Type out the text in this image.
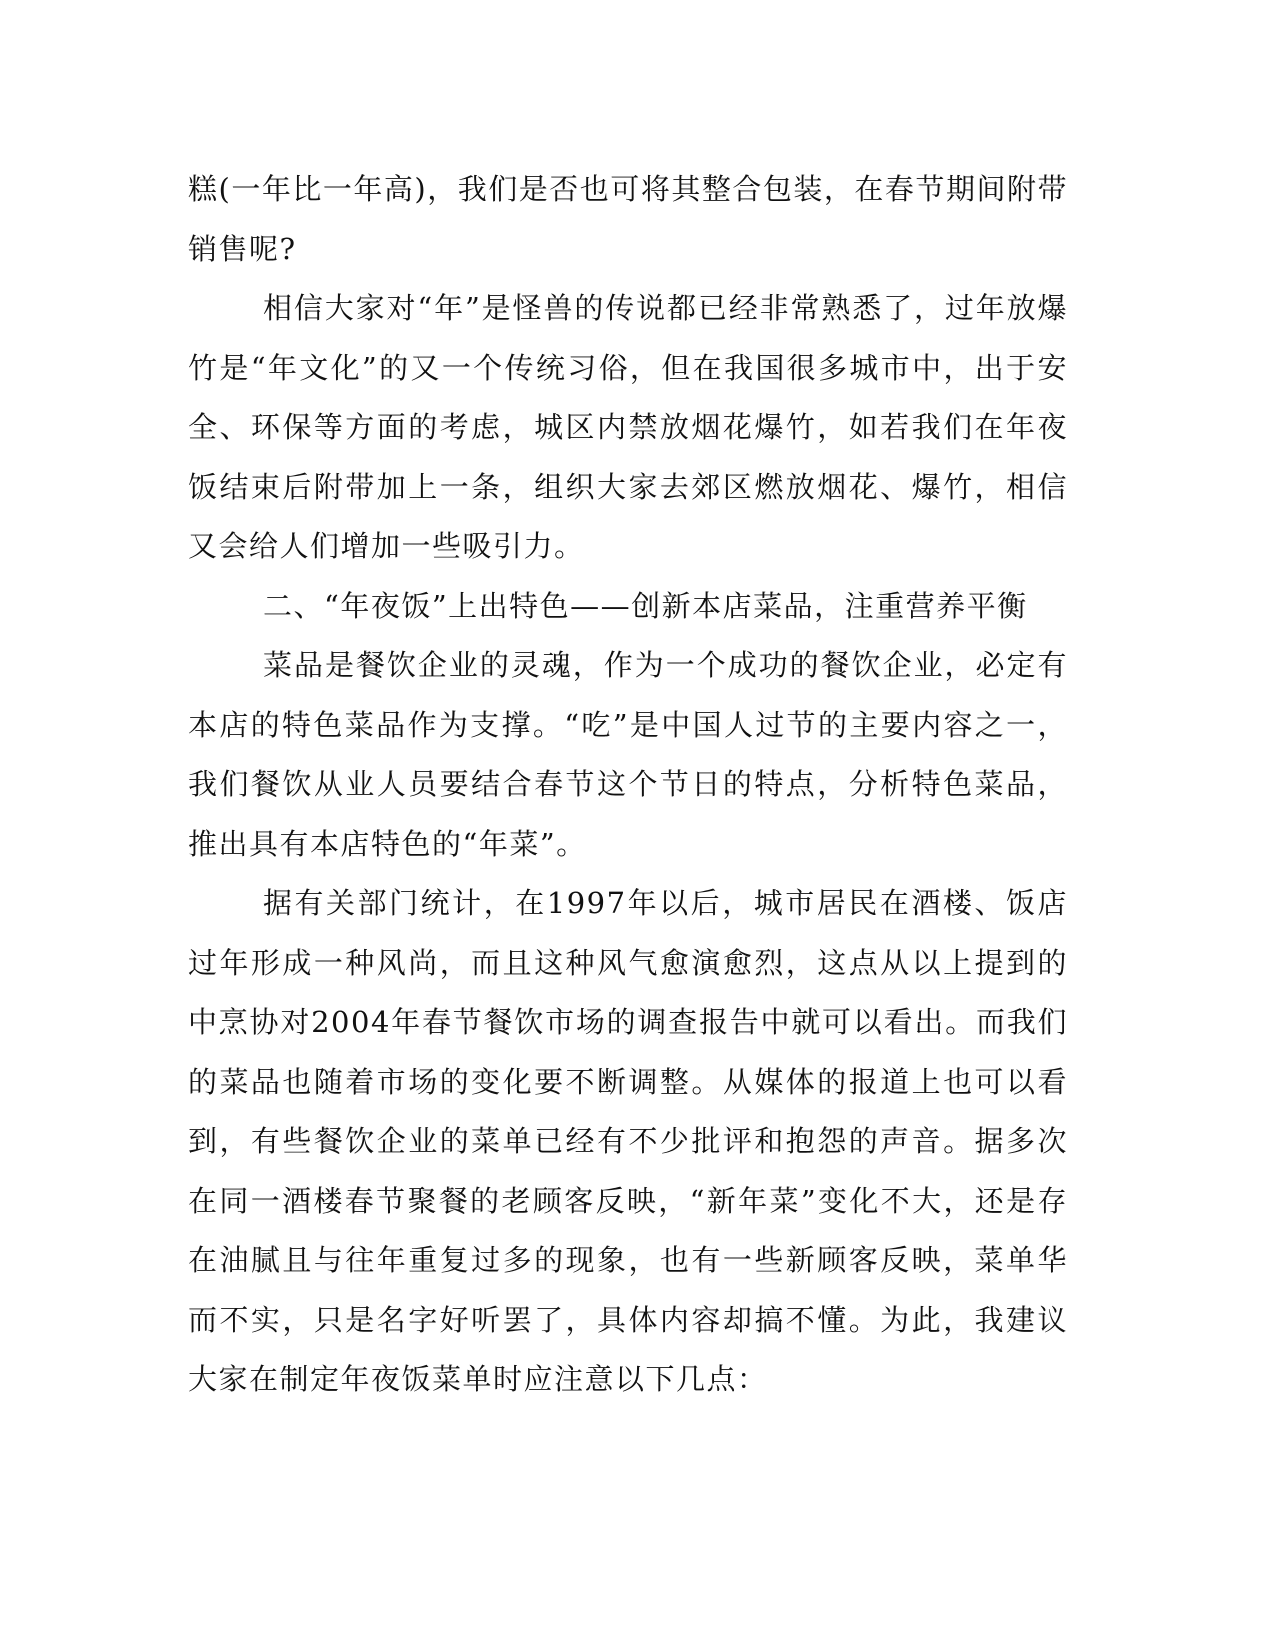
糕(一年比一年高)，我们是否也可将其整合包装，在春节期间附带销售呢?

相信大家对“年”是怪兽的传说都已经非常熟悉了，过年放爆竹是“年文化”的又一个传统习俗，但在我国很多城市中，出于安全、环保等方面的考虑，城区内禁放烟花爆竹，如若我们在年夜饭结束后附带加上一条，组织大家去郊区燃放烟花、爆竹，相信又会给人们增加一些吸引力。

二、“年夜饭”上出特色——创新本店菜品，注重营养平衡

菜品是餐饮企业的灵魂，作为一个成功的餐饮企业，必定有本店的特色菜品作为支撑。“吃”是中国人过节的主要内容之一，我们餐饮从业人员要结合春节这个节日的特点，分析特色菜品，推出具有本店特色的“年菜”。

据有关部门统计，在1997年以后，城市居民在酒楼、饭店过年形成一种风尚，而且这种风气愈演愈烈，这点从以上提到的中烹协对2004年春节餐饮市场的调查报告中就可以看出。而我们的菜品也随着市场的变化要不断调整。从媒体的报道上也可以看到，有些餐饮企业的菜单已经有不少批评和抱怨的声音。据多次在同一酒楼春节聚餐的老顾客反映，“新年菜”变化不大，还是存在油腻且与往年重复过多的现象，也有一些新顾客反映，菜单华而不实，只是名字好听罢了，具体内容却搞不懂。为此，我建议大家在制定年夜饭菜单时应注意以下几点：
